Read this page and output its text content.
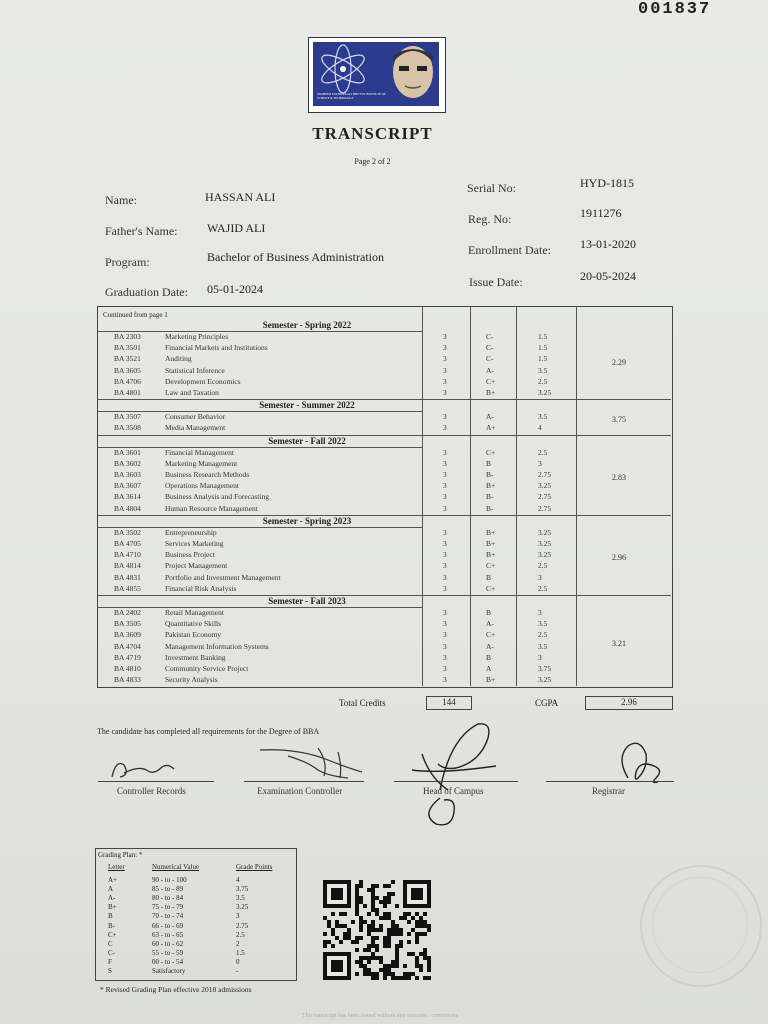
001837
SHAHEED ZULFIKAR ALI BHUTTO INSTITUTE OF SCIENCE & TECHNOLOGY
TRANSCRIPT
Page 2 of 2
Name:	HASSAN ALI
Father's Name: WAJID ALI
Program:	Bachelor of Business Administration
Graduation Date: 05-01-2024
Serial No:	HYD-1815
Reg. No:	1911276
Enrollment Date: 13-01-2020
Issue Date:	20-05-2024
Continued from page 1
Semester - Spring 2022
BA 2303	Marketing Principles	3	C-	1.5
BA 3501	Financial Markets and Institutions	3	C-	1.5
BA 3521	Auditing	3	C-	1.5
BA 3605	Statistical Inference	3	A-	3.5
BA 4706	Development Economics	3	C+	2.5
BA 4801	Law and Taxation	3	B+	3.25
2.29
Semester - Summer 2022
BA 3507	Consumer Behavior	3	A-	3.5
BA 3508	Media Management	3	A+	4
3.75
Semester - Fall 2022
BA 3601	Financial Management	3	C+	2.5
BA 3602	Marketing Management	3	B	3
BA 3603	Business Research Methods	3	B-	2.75
BA 3607	Operations Management	3	B+	3.25
BA 3614	Business Analysis and Forecasting	3	B-	2.75
BA 4804	Human Resource Management	3	B-	2.75
2.83
Semester - Spring 2023
BA 3502	Entrepreneurship	3	B+	3.25
BA 4705	Services Marketing	3	B+	3.25
BA 4710	Business Project	3	B+	3.25
BA 4814	Project Management	3	C+	2.5
BA 4831	Portfolio and Investment Management	3	B	3
BA 4855	Financial Risk Analysis	3	C+	2.5
2.96
Semester - Fall 2023
BA 2402	Retail Management	3	B	3
BA 3505	Quantitative Skills	3	A-	3.5
BA 3609	Pakistan Economy	3	C+	2.5
BA 4704	Management Information Systems	3	A-	3.5
BA 4719	Investment Banking	3	B	3
BA 4810	Community Service Project	3	A	3.75
BA 4833	Security Analysis	3	B+	3.25
3.21
Total Credits	144	CGPA	2.96
The candidate has completed all requirements for the Degree of BBA
Controller Records	Examination Controller	Head of Campus	Registrar
Grading Plan: *
Letter	Numerical Value	Grade Points
A+	90 - to - 100	4
A	85 - to - 89	3.75
A-	80 - to - 84	3.5
B+	75 - to - 79	3.25
B	70 - to - 74	3
B-	66 - to - 69	2.75
C+	63 - to - 65	2.5
C	60 - to - 62	2
C-	55 - to - 59	1.5
F	00 - to - 54	0
S	Satisfactory	-
* Revised Grading Plan effective 2018 admissions
This transcript has been issued without any erasures / corrections
